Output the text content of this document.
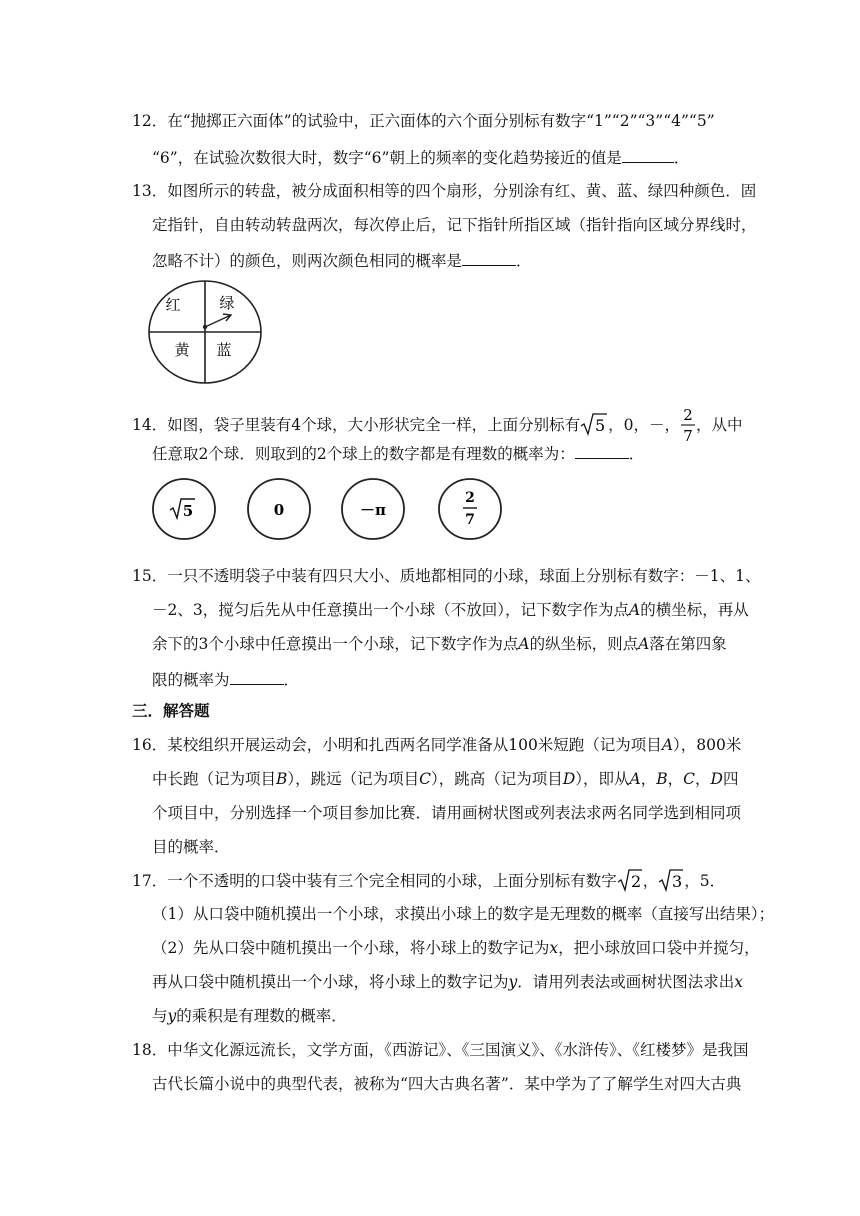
12．在“抛掷正六面体”的试验中，正六面体的六个面分别标有数字“1”“2”“3”“4”“5”
“6”，在试验次数很大时，数字“6”朝上的频率的变化趋势接近的值是	．
13．如图所示的转盘，被分成面积相等的四个扇形，分别涂有红、黄、蓝、绿四种颜色．固
定指针，自由转动转盘两次，每次停止后，记下指针所指区域（指针指向区域分界线时，
忽略不计）的颜色，则两次颜色相同的概率是	．
红	绿
黄 蓝
14．如图，袋子里装有4个球，大小形状完全一样，上面分别标有 5 ，0，－，
2
7
，从中
任意取2个球．则取到的2个球上的数字都是有理数的概率为：	．
5	0	－π
2
7
15．一只不透明袋子中装有四只大小、质地都相同的小球，球面上分别标有数字：－1、1、
－2、3，搅匀后先从中任意摸出一个小球（不放回），记下数字作为点A的横坐标，再从
余下的3个小球中任意摸出一个小球，记下数字作为点A的纵坐标，则点A落在第四象
限的概率为	．
三．解答题
16．某校组织开展运动会，小明和扎西两名同学准备从100米短跑（记为项目A），800米
中长跑（记为项目B），跳远（记为项目C），跳高（记为项目D），即从A，B，C，D四
个项目中，分别选择一个项目参加比赛．请用画树状图或列表法求两名同学选到相同项
目的概率．
17．一个不透明的口袋中装有三个完全相同的小球，上面分别标有数字 2 ， 3 ，5．
（1）从口袋中随机摸出一个小球，求摸出小球上的数字是无理数的概率（直接写出结果）；
（2）先从口袋中随机摸出一个小球，将小球上的数字记为x，把小球放回口袋中并搅匀，
再从口袋中随机摸出一个小球，将小球上的数字记为y．请用列表法或画树状图法求出x
与y的乘积是有理数的概率．
18．中华文化源远流长，文学方面，《西游记》、《三国演义》、《水浒传》、《红楼梦》是我国
古代长篇小说中的典型代表，被称为“四大古典名著”．某中学为了了解学生对四大古典
